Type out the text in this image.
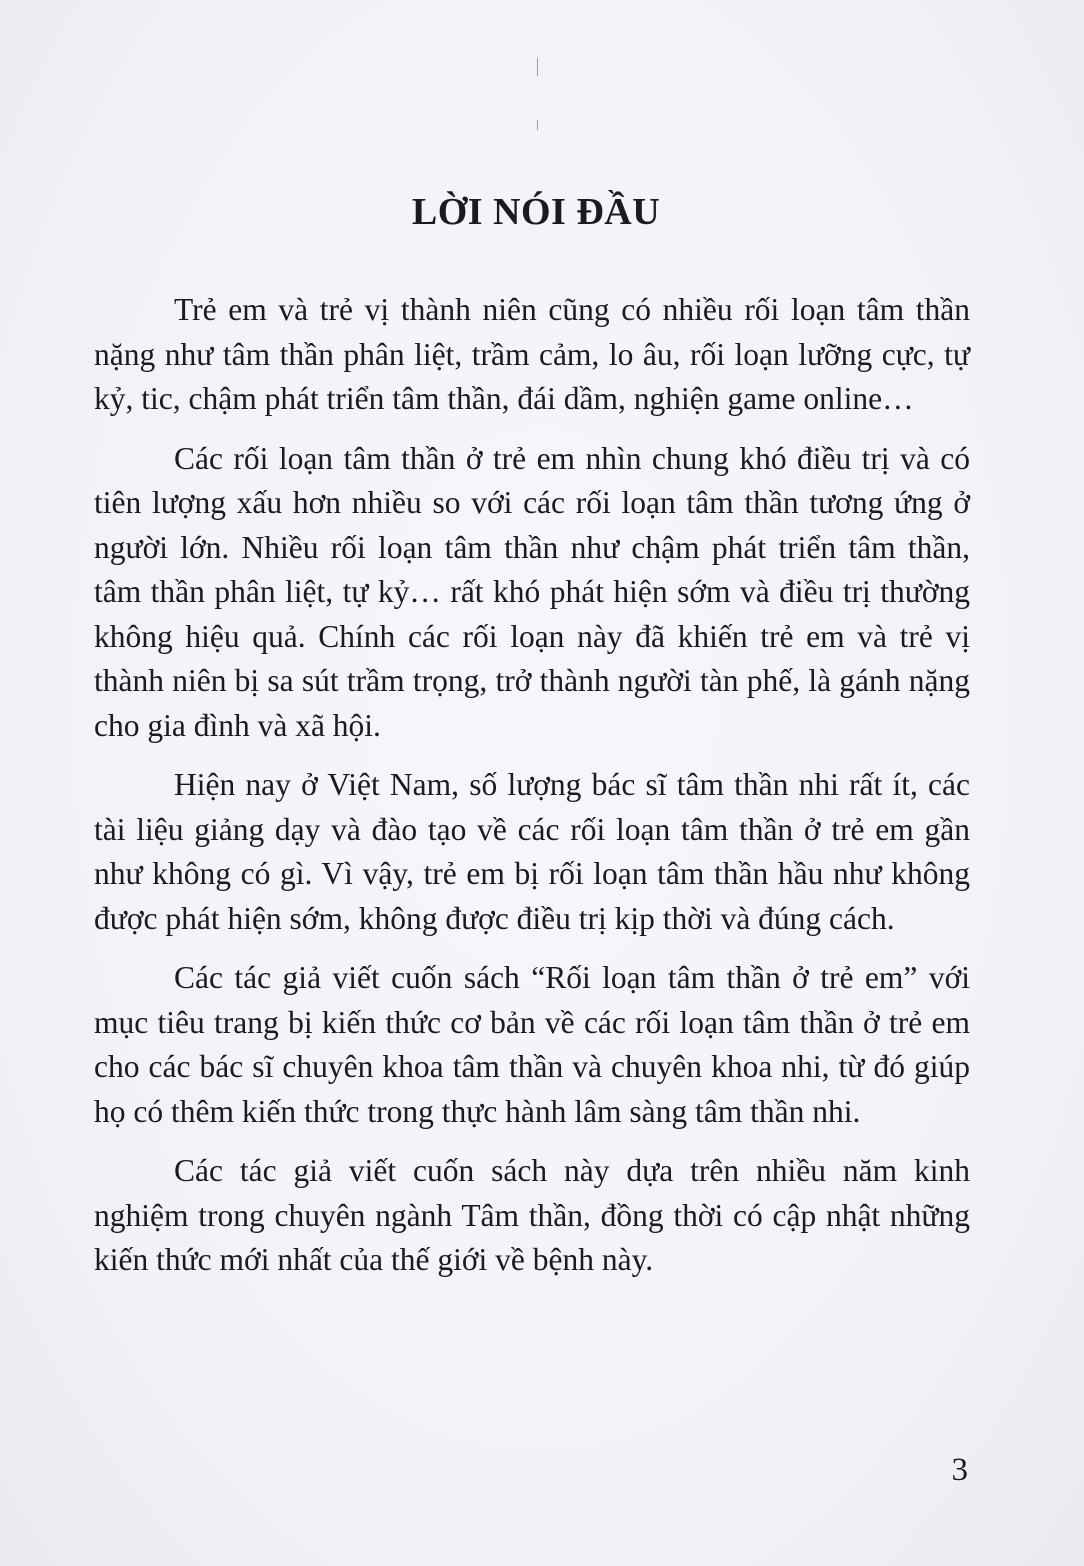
LỜI NÓI ĐẦU

Trẻ em và trẻ vị thành niên cũng có nhiều rối loạn tâm thần nặng như tâm thần phân liệt, trầm cảm, lo âu, rối loạn lưỡng cực, tự kỷ, tic, chậm phát triển tâm thần, đái dầm, nghiện game online…

Các rối loạn tâm thần ở trẻ em nhìn chung khó điều trị và có tiên lượng xấu hơn nhiều so với các rối loạn tâm thần tương ứng ở người lớn. Nhiều rối loạn tâm thần như chậm phát triển tâm thần, tâm thần phân liệt, tự kỷ… rất khó phát hiện sớm và điều trị thường không hiệu quả. Chính các rối loạn này đã khiến trẻ em và trẻ vị thành niên bị sa sút trầm trọng, trở thành người tàn phế, là gánh nặng cho gia đình và xã hội.

Hiện nay ở Việt Nam, số lượng bác sĩ tâm thần nhi rất ít, các tài liệu giảng dạy và đào tạo về các rối loạn tâm thần ở trẻ em gần như không có gì. Vì vậy, trẻ em bị rối loạn tâm thần hầu như không được phát hiện sớm, không được điều trị kịp thời và đúng cách.

Các tác giả viết cuốn sách “Rối loạn tâm thần ở trẻ em” với mục tiêu trang bị kiến thức cơ bản về các rối loạn tâm thần ở trẻ em cho các bác sĩ chuyên khoa tâm thần và chuyên khoa nhi, từ đó giúp họ có thêm kiến thức trong thực hành lâm sàng tâm thần nhi.

Các tác giả viết cuốn sách này dựa trên nhiều năm kinh nghiệm trong chuyên ngành Tâm thần, đồng thời có cập nhật những kiến thức mới nhất của thế giới về bệnh này.

3
